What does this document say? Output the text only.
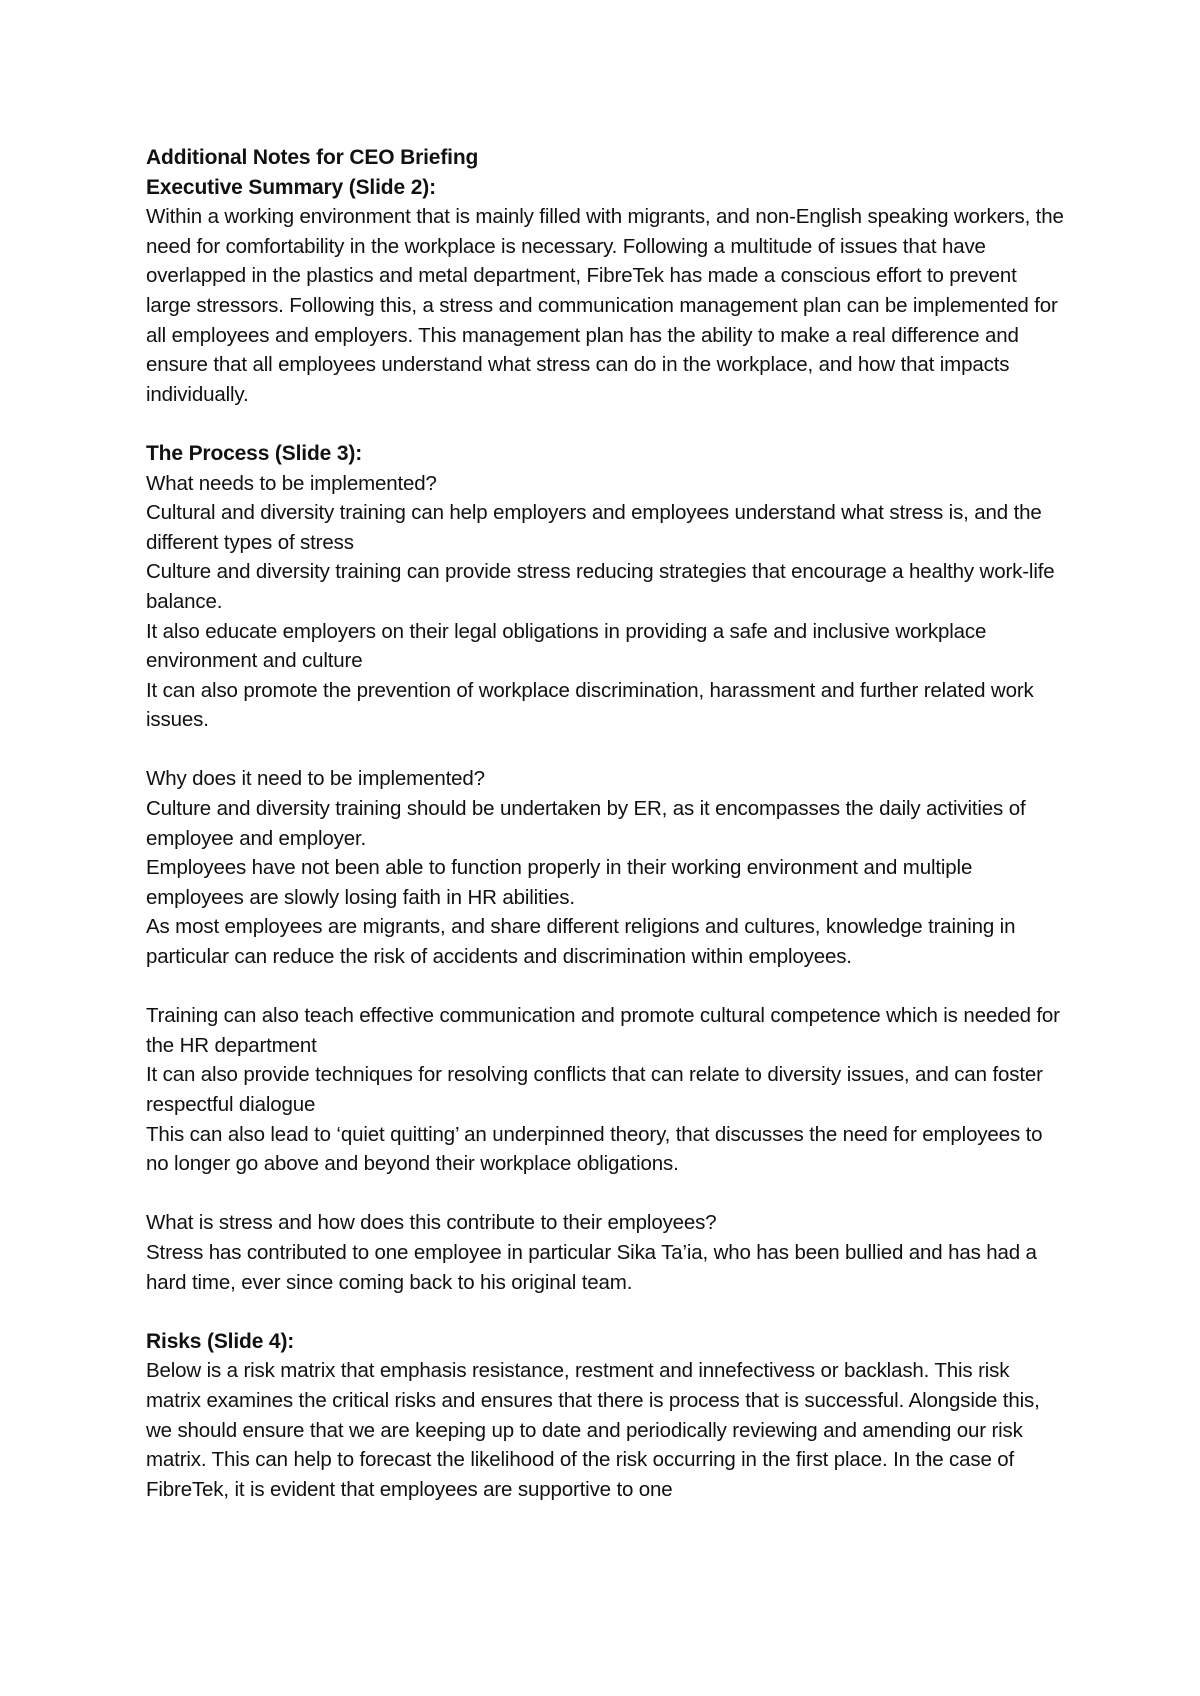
Additional Notes for CEO Briefing

Executive Summary (Slide 2):

Within a working environment that is mainly filled with migrants, and non-English speaking workers, the need for comfortability in the workplace is necessary. Following a multitude of issues that have overlapped in the plastics and metal department, FibreTek has made a conscious effort to prevent large stressors. Following this, a stress and communication management plan can be implemented for all employees and employers. This management plan has the ability to make a real difference and ensure that all employees understand what stress can do in the workplace, and how that impacts individually.

The Process (Slide 3):

What needs to be implemented?

Cultural and diversity training can help employers and employees understand what stress is, and the different types of stress

Culture and diversity training can provide stress reducing strategies that encourage a healthy work-life balance.

It also educate employers on their legal obligations in providing a safe and inclusive workplace environment and culture

It can also promote the prevention of workplace discrimination, harassment and further related work issues.

Why does it need to be implemented?

Culture and diversity training should be undertaken by ER, as it encompasses the daily activities of employee and employer.

Employees have not been able to function properly in their working environment and multiple employees are slowly losing faith in HR abilities.

As most employees are migrants, and share different religions and cultures, knowledge training in particular can reduce the risk of accidents and discrimination within employees.

Training can also teach effective communication and promote cultural competence which is needed for the HR department

It can also provide techniques for resolving conflicts that can relate to diversity issues, and can foster respectful dialogue

This can also lead to ‘quiet quitting’ an underpinned theory, that discusses the need for employees to no longer go above and beyond their workplace obligations.

What is stress and how does this contribute to their employees?

Stress has contributed to one employee in particular Sika Ta’ia, who has been bullied and has had a hard time, ever since coming back to his original team.

Risks (Slide 4):

Below is a risk matrix that emphasis resistance, restment and innefectivess or backlash. This risk matrix examines the critical risks and ensures that there is process that is successful. Alongside this, we should ensure that we are keeping up to date and periodically reviewing and amending our risk matrix. This can help to forecast the likelihood of the risk occurring in the first place. In the case of FibreTek, it is evident that employees are supportive to one
